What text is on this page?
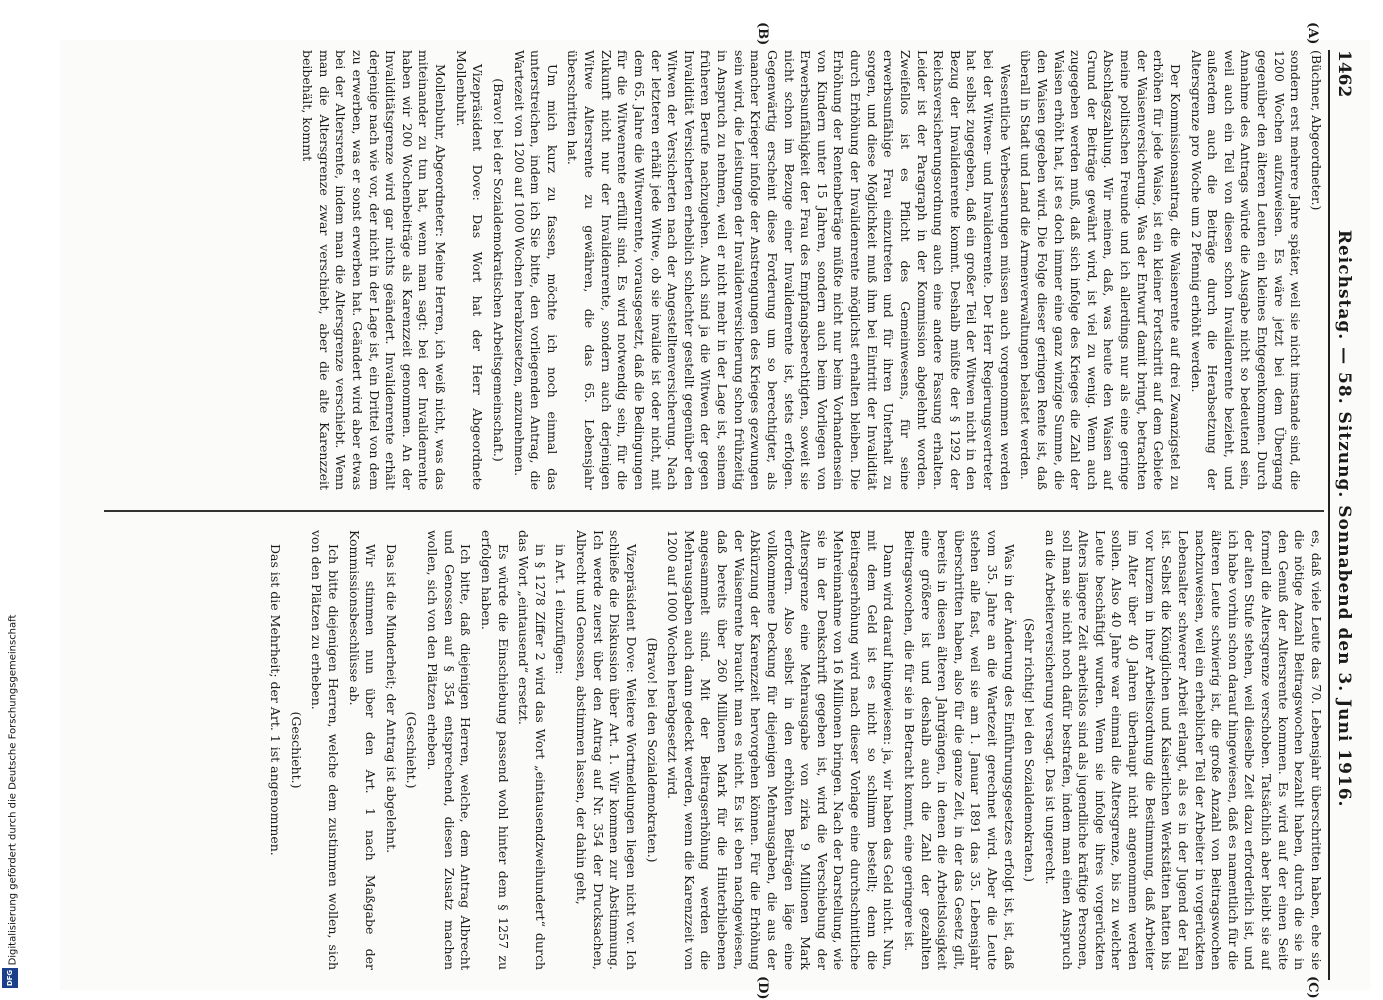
1462
Reichstag. — 58. Sitzung. Sonnabend den 3. Juni 1916.
(A)
(B)
(C)
(D)

(Büchner, Abgeordneter.)

sondern erst mehrere Jahre später, weil sie nicht imstande sind, die 1200 Wochen aufzuweisen. Es wäre jetzt bei dem Übergang gegenüber den älteren Leuten ein kleines Entgegenkommen. Durch Annahme des Antrags würde die Ausgabe nicht so bedeutend sein, weil auch ein Teil von diesen schon Invalidenrente bezieht, und außerdem auch die Beiträge durch die Herabsetzung der Altersgrenze pro Woche um 2 Pfennig erhöht werden.

Der Kommissionsantrag, die Waisenrente auf drei Zwanzigstel zu erhöhen für jede Waise, ist ein kleiner Fortschritt auf dem Gebiete der Waisenversicherung. Was der Entwurf damit bringt, betrachten meine politischen Freunde und ich allerdings nur als eine geringe Abschlagszahlung. Wir meinen, daß, was heute den Waisen auf Grund der Beiträge gewährt wird, ist viel zu wenig. Wenn auch zugegeben werden muß, daß sich infolge des Krieges die Zahl der Waisen erhöht hat, ist es doch immer eine ganz winzige Summe, die den Waisen gegeben wird. Die Folge dieser geringen Rente ist, daß überall in Stadt und Land die Armenverwaltungen belastet werden.

Wesentliche Verbesserungen müssen auch vorgenommen werden bei der Witwen- und Invalidenrente. Der Herr Regierungsvertreter hat selbst zugegeben, daß ein großer Teil der Witwen nicht in den Bezug der Invalidenrente kommt. Deshalb müßte der § 1292 der Reichsversicherungsordnung auch eine andere Fassung erhalten. Leider ist der Paragraph in der Kommission abgelehnt worden. Zweifellos ist es Pflicht des Gemeinwesens, für seine erwerbsunfähige Frau einzutreten und für ihren Unterhalt zu sorgen, und diese Möglichkeit muß ihm bei Eintritt der Invalidität durch Erhöhung der Invalidenrente möglichst erhalten bleiben. Die Erhöhung der Rentenbeträge müßte nicht nur beim Vorhandensein von Kindern unter 15 Jahren, sondern auch beim Vorliegen von Erwerbsunfähigkeit der Frau des Empfangsberechtigten, soweit sie nicht schon im Bezuge einer Invalidenrente ist, stets erfolgen. Gegenwärtig erscheint diese Forderung um so berechtigter, als mancher Krieger infolge der Anstrengungen des Krieges gezwungen sein wird, die Leistungen der Invalidenversicherung schon frühzeitig in Anspruch zu nehmen, weil er nicht mehr in der Lage ist, seinem früheren Berufe nachzugehen. Auch sind ja die Witwen der gegen Invalidität Versicherten erheblich schlechter gestellt gegenüber den Witwen der Versicherten nach der Angestelltenversicherung. Nach der letzteren erhält jede Witwe, ob sie invalide ist oder nicht, mit dem 65. Jahre die Witwenrente, vorausgesetzt, daß die Bedingungen für die Witwenrente erfüllt sind. Es wird notwendig sein, für die Zukunft nicht nur der Invalidenrente, sondern auch derjenigen Witwe Altersrente zu gewähren, die das 65. Lebensjahr überschritten hat.

Um mich kurz zu fassen, möchte ich noch einmal das unterstreichen, indem ich Sie bitte, den vorliegenden Antrag, die Wartezeit von 1200 auf 1000 Wochen herabzusetzen, anzunehmen.

(Bravo! bei der Sozialdemokratischen Arbeitsgemeinschaft.)

Vizepräsident Dove: Das Wort hat der Herr Abgeordnete Mollenbuhr.

Mollenbuhr, Abgeordneter: Meine Herren, ich weiß nicht, was das miteinander zu tun hat, wenn man sagt: bei der Invalidenrente haben wir 200 Wochenbeiträge als Karenzzeit genommen. An der Invaliditätsgrenze wird gar nichts geändert. Invalidenrente erhält derjenige nach wie vor, der nicht in der Lage ist, ein Drittel von dem zu erwerben, was er sonst erwerben hat. Geändert wird aber etwas bei der Altersrente, indem man die Altersgrenze verschiebt. Wenn man die Altersgrenze zwar verschiebt, aber die alte Karenzzeit beibehält, kommt

es, daß viele Leute das 70. Lebensjahr überschritten haben, ehe sie die nötige Anzahl Beitragswochen bezahlt haben, durch die sie in den Genuß der Altersrente kommen. Es wird auf der einen Seite formell die Altersgrenze verschoben. Tatsächlich aber bleibt sie auf der alten Stufe stehen, weil dieselbe Zeit dazu erforderlich ist, und ich habe vorhin schon darauf hingewiesen, daß es namentlich für die älteren Leute schwierig ist, die große Anzahl von Beitragswochen nachzuweisen, weil ein erheblicher Teil der Arbeiter in vorgerückten Lebensalter schwerer Arbeit erlangt, als es in der Jugend der Fall ist. Selbst die Königlichen und Kaiserlichen Werkstätten hatten bis vor kurzem in ihrer Arbeitsordnung die Bestimmung, daß Arbeiter im Alter über 40 Jahren überhaupt nicht angenommen werden sollen. Also 40 Jahre war einmal die Altersgrenze, bis zu welcher Leute beschäftigt wurden. Wenn sie infolge ihres vorgerückten Alters längere Zeit arbeitslos sind als jugendliche kräftige Personen, soll man sie nicht noch dafür bestrafen, indem man einen Anspruch an die Arbeiterversicherung versagt. Das ist ungerecht.

(Sehr richtig! bei den Sozialdemokraten.)

Was in der Änderung des Einführungsgesetzes erfolgt ist, ist, daß vom 35. Jahre an die Wartezeit gerechnet wird. Aber die Leute stehen alle fast, weil sie am 1. Januar 1891 das 35. Lebensjahr überschritten haben, also für die ganze Zeit, in der das Gesetz gilt, bereits in diesen älteren Jahrgängen, in denen die Arbeitslosigkeit eine größere ist und deshalb auch die Zahl der gezahlten Beitragswochen, die für sie in Betracht kommt, eine geringere ist.

Dann wird darauf hingewiesen: ja, wir haben das Geld nicht. Nun, mit dem Geld ist es nicht so schlimm bestellt; denn die Beitragserhöhung wird nach dieser Vorlage eine durchschnittliche Mehreinnahme von 16 Millionen bringen. Nach der Darstellung, wie sie in der Denkschrift gegeben ist, wird die Verschiebung der Altersgrenze eine Mehrausgabe von zirka 9 Millionen Mark erfordern. Also selbst in den erhöhten Beiträgen läge eine vollkommene Deckung für diejenigen Mehrausgaben, die aus der Abkürzung der Karenzzeit hervorgehen können. Für die Erhöhung der Waisenrente braucht man es nicht. Es ist eben nachgewiesen, daß bereits über 260 Millionen Mark für die Hinterbliebenen angesammelt sind. Mit der Beitragserhöhung werden die Mehrausgaben auch dann gedeckt werden, wenn die Karenzzeit von 1200 auf 1000 Wochen herabgesetzt wird.

(Bravo! bei den Sozialdemokraten.)

Vizepräsident Dove: Weitere Wortmeldungen liegen nicht vor. Ich schließe die Diskussion über Art. 1. Wir kommen zur Abstimmung. Ich werde zuerst über den Antrag auf Nr. 354 der Drucksachen, Albrecht und Genossen, abstimmen lassen, der dahin geht,

in Art. 1 einzufügen:

in § 1278 Ziffer 2 wird das Wort „eintausendzweihundert“ durch das Wort „eintausend“ ersetzt.

Es würde die Einschiebung passend wohl hinter dem § 1257 zu erfolgen haben.

Ich bitte, daß diejenigen Herren, welche, dem Antrag Albrecht und Genossen auf § 354 entsprechend, diesen Zusatz machen wollen, sich von den Plätzen erheben.

(Geschieht.)

Das ist die Minderheit; der Antrag ist abgelehnt.

Wir stimmen nun über den Art. 1 nach Maßgabe der Kommissionsbeschlüsse ab.

Ich bitte diejenigen Herren, welche dem zustimmen wollen, sich von den Plätzen zu erheben.

(Geschieht.)

Das ist die Mehrheit; der Art. 1 ist angenommen.

Digitalisierung gefördert durch die Deutsche Forschungsgemeinschaft
DFG
